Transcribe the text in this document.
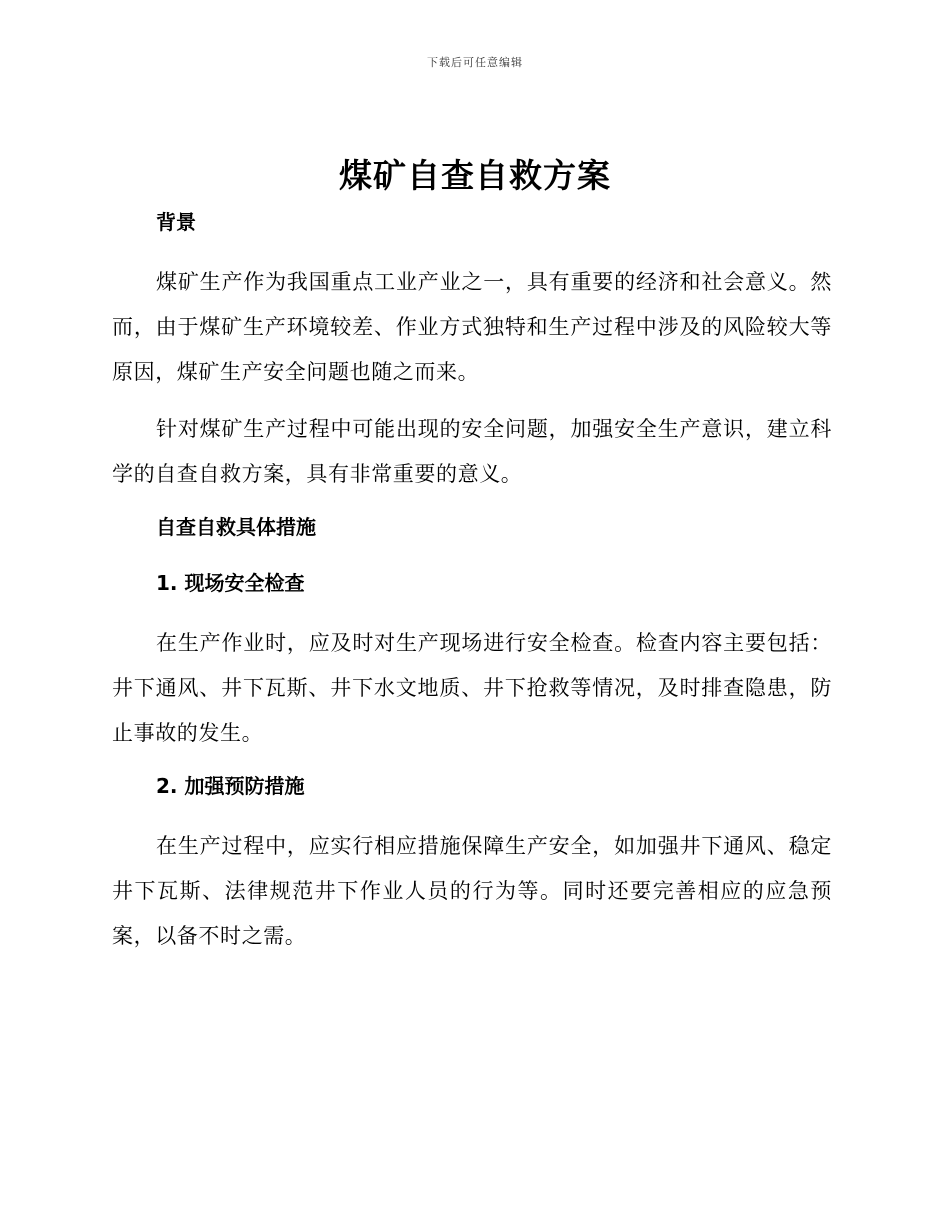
下载后可任意编辑
煤矿自查自救方案
背景

煤矿生产作为我国重点工业产业之一，具有重要的经济和社会意义。然而，由于煤矿生产环境较差、作业方式独特和生产过程中涉及的风险较大等原因，煤矿生产安全问题也随之而来。

针对煤矿生产过程中可能出现的安全问题，加强安全生产意识，建立科学的自查自救方案，具有非常重要的意义。

自查自救具体措施
1. 现场安全检查

在生产作业时，应及时对生产现场进行安全检查。检查内容主要包括：井下通风、井下瓦斯、井下水文地质、井下抢救等情况，及时排查隐患，防止事故的发生。

2. 加强预防措施

在生产过程中，应实行相应措施保障生产安全，如加强井下通风、稳定井下瓦斯、法律规范井下作业人员的行为等。同时还要完善相应的应急预案，以备不时之需。
